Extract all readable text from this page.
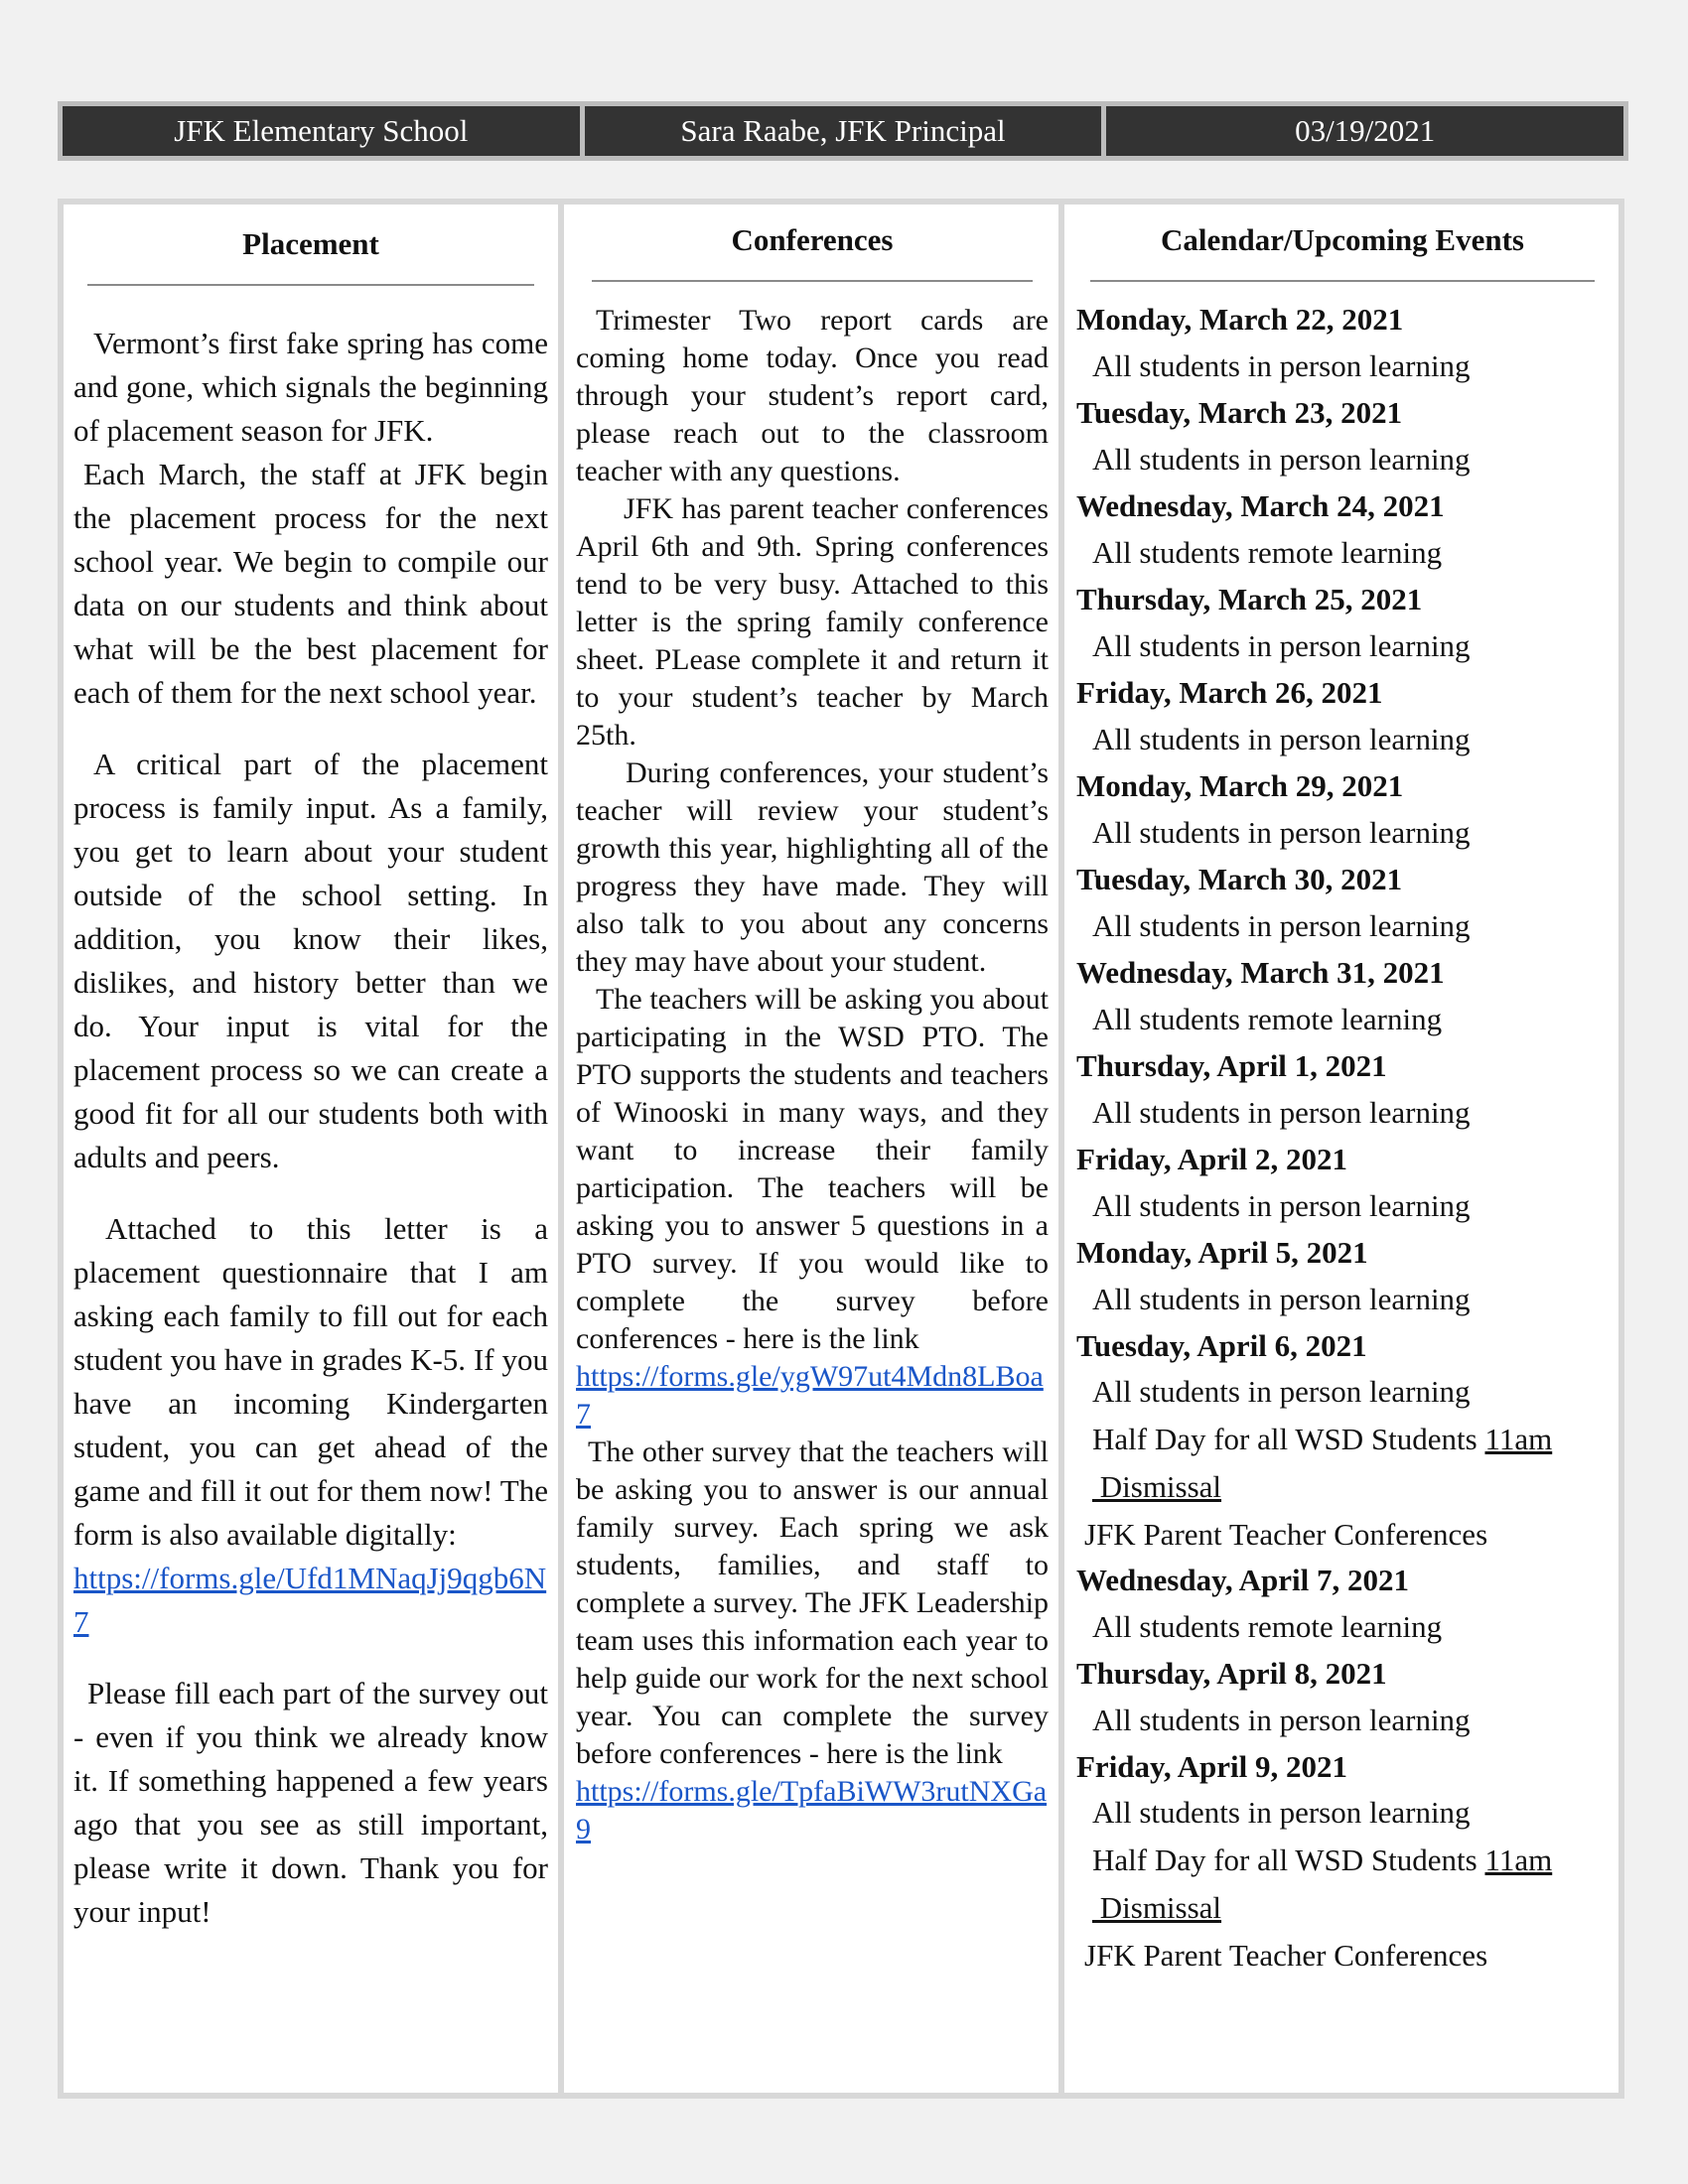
JFK Elementary School	Sara Raabe, JFK Principal	03/19/2021
Placement

Vermont’s first fake spring has come and gone, which signals the beginning of placement season for JFK.

Each March, the staff at JFK begin the placement process for the next school year. We begin to compile our data on our students and think about what will be the best placement for each of them for the next school year.

A critical part of the placement process is family input. As a family, you get to learn about your student outside of the school setting. In addition, you know their likes, dislikes, and history better than we do. Your input is vital for the placement process so we can create a good fit for all our students both with adults and peers.

Attached to this letter is a placement questionnaire that I am asking each family to fill out for each student you have in grades K-5. If you have an incoming Kindergarten student, you can get ahead of the game and fill it out for them now! The form is also available digitally:

https://forms.gle/Ufd1MNaqJj9qgb6N7

Please fill each part of the survey out - even if you think we already know it. If something happened a few years ago that you see as still important, please write it down. Thank you for your input!

Conferences

Trimester Two report cards are coming home today. Once you read through your student’s report card, please reach out to the classroom teacher with any questions.

JFK has parent teacher conferences April 6th and 9th. Spring conferences tend to be very busy. Attached to this letter is the spring family conference sheet. PLease complete it and return it to your student’s teacher by March 25th.

During conferences, your student’s teacher will review your student’s growth this year, highlighting all of the progress they have made. They will also talk to you about any concerns they may have about your student.

The teachers will be asking you about participating in the WSD PTO. The PTO supports the students and teachers of Winooski in many ways, and they want to increase their family participation. The teachers will be asking you to answer 5 questions in a PTO survey. If you would like to complete the survey before conferences - here is the link

https://forms.gle/ygW97ut4Mdn8LBoa7

The other survey that the teachers will be asking you to answer is our annual family survey. Each spring we ask students, families, and staff to complete a survey. The JFK Leadership team uses this information each year to help guide our work for the next school year. You can complete the survey before conferences - here is the link

https://forms.gle/TpfaBiWW3rutNXGa9

Calendar/Upcoming Events
Monday, March 22, 2021
All students in person learning
Tuesday, March 23, 2021
All students in person learning
Wednesday, March 24, 2021
All students remote learning
Thursday, March 25, 2021
All students in person learning
Friday, March 26, 2021
All students in person learning
Monday, March 29, 2021
All students in person learning
Tuesday, March 30, 2021
All students in person learning
Wednesday, March 31, 2021
All students remote learning
Thursday, April 1, 2021
All students in person learning
Friday, April 2, 2021
All students in person learning
Monday, April 5, 2021
All students in person learning
Tuesday, April 6, 2021
All students in person learning
Half Day for all WSD Students 11am
Dismissal
JFK Parent Teacher Conferences
Wednesday, April 7, 2021
All students remote learning
Thursday, April 8, 2021
All students in person learning
Friday, April 9, 2021
All students in person learning
Half Day for all WSD Students 11am
Dismissal
JFK Parent Teacher Conferences
